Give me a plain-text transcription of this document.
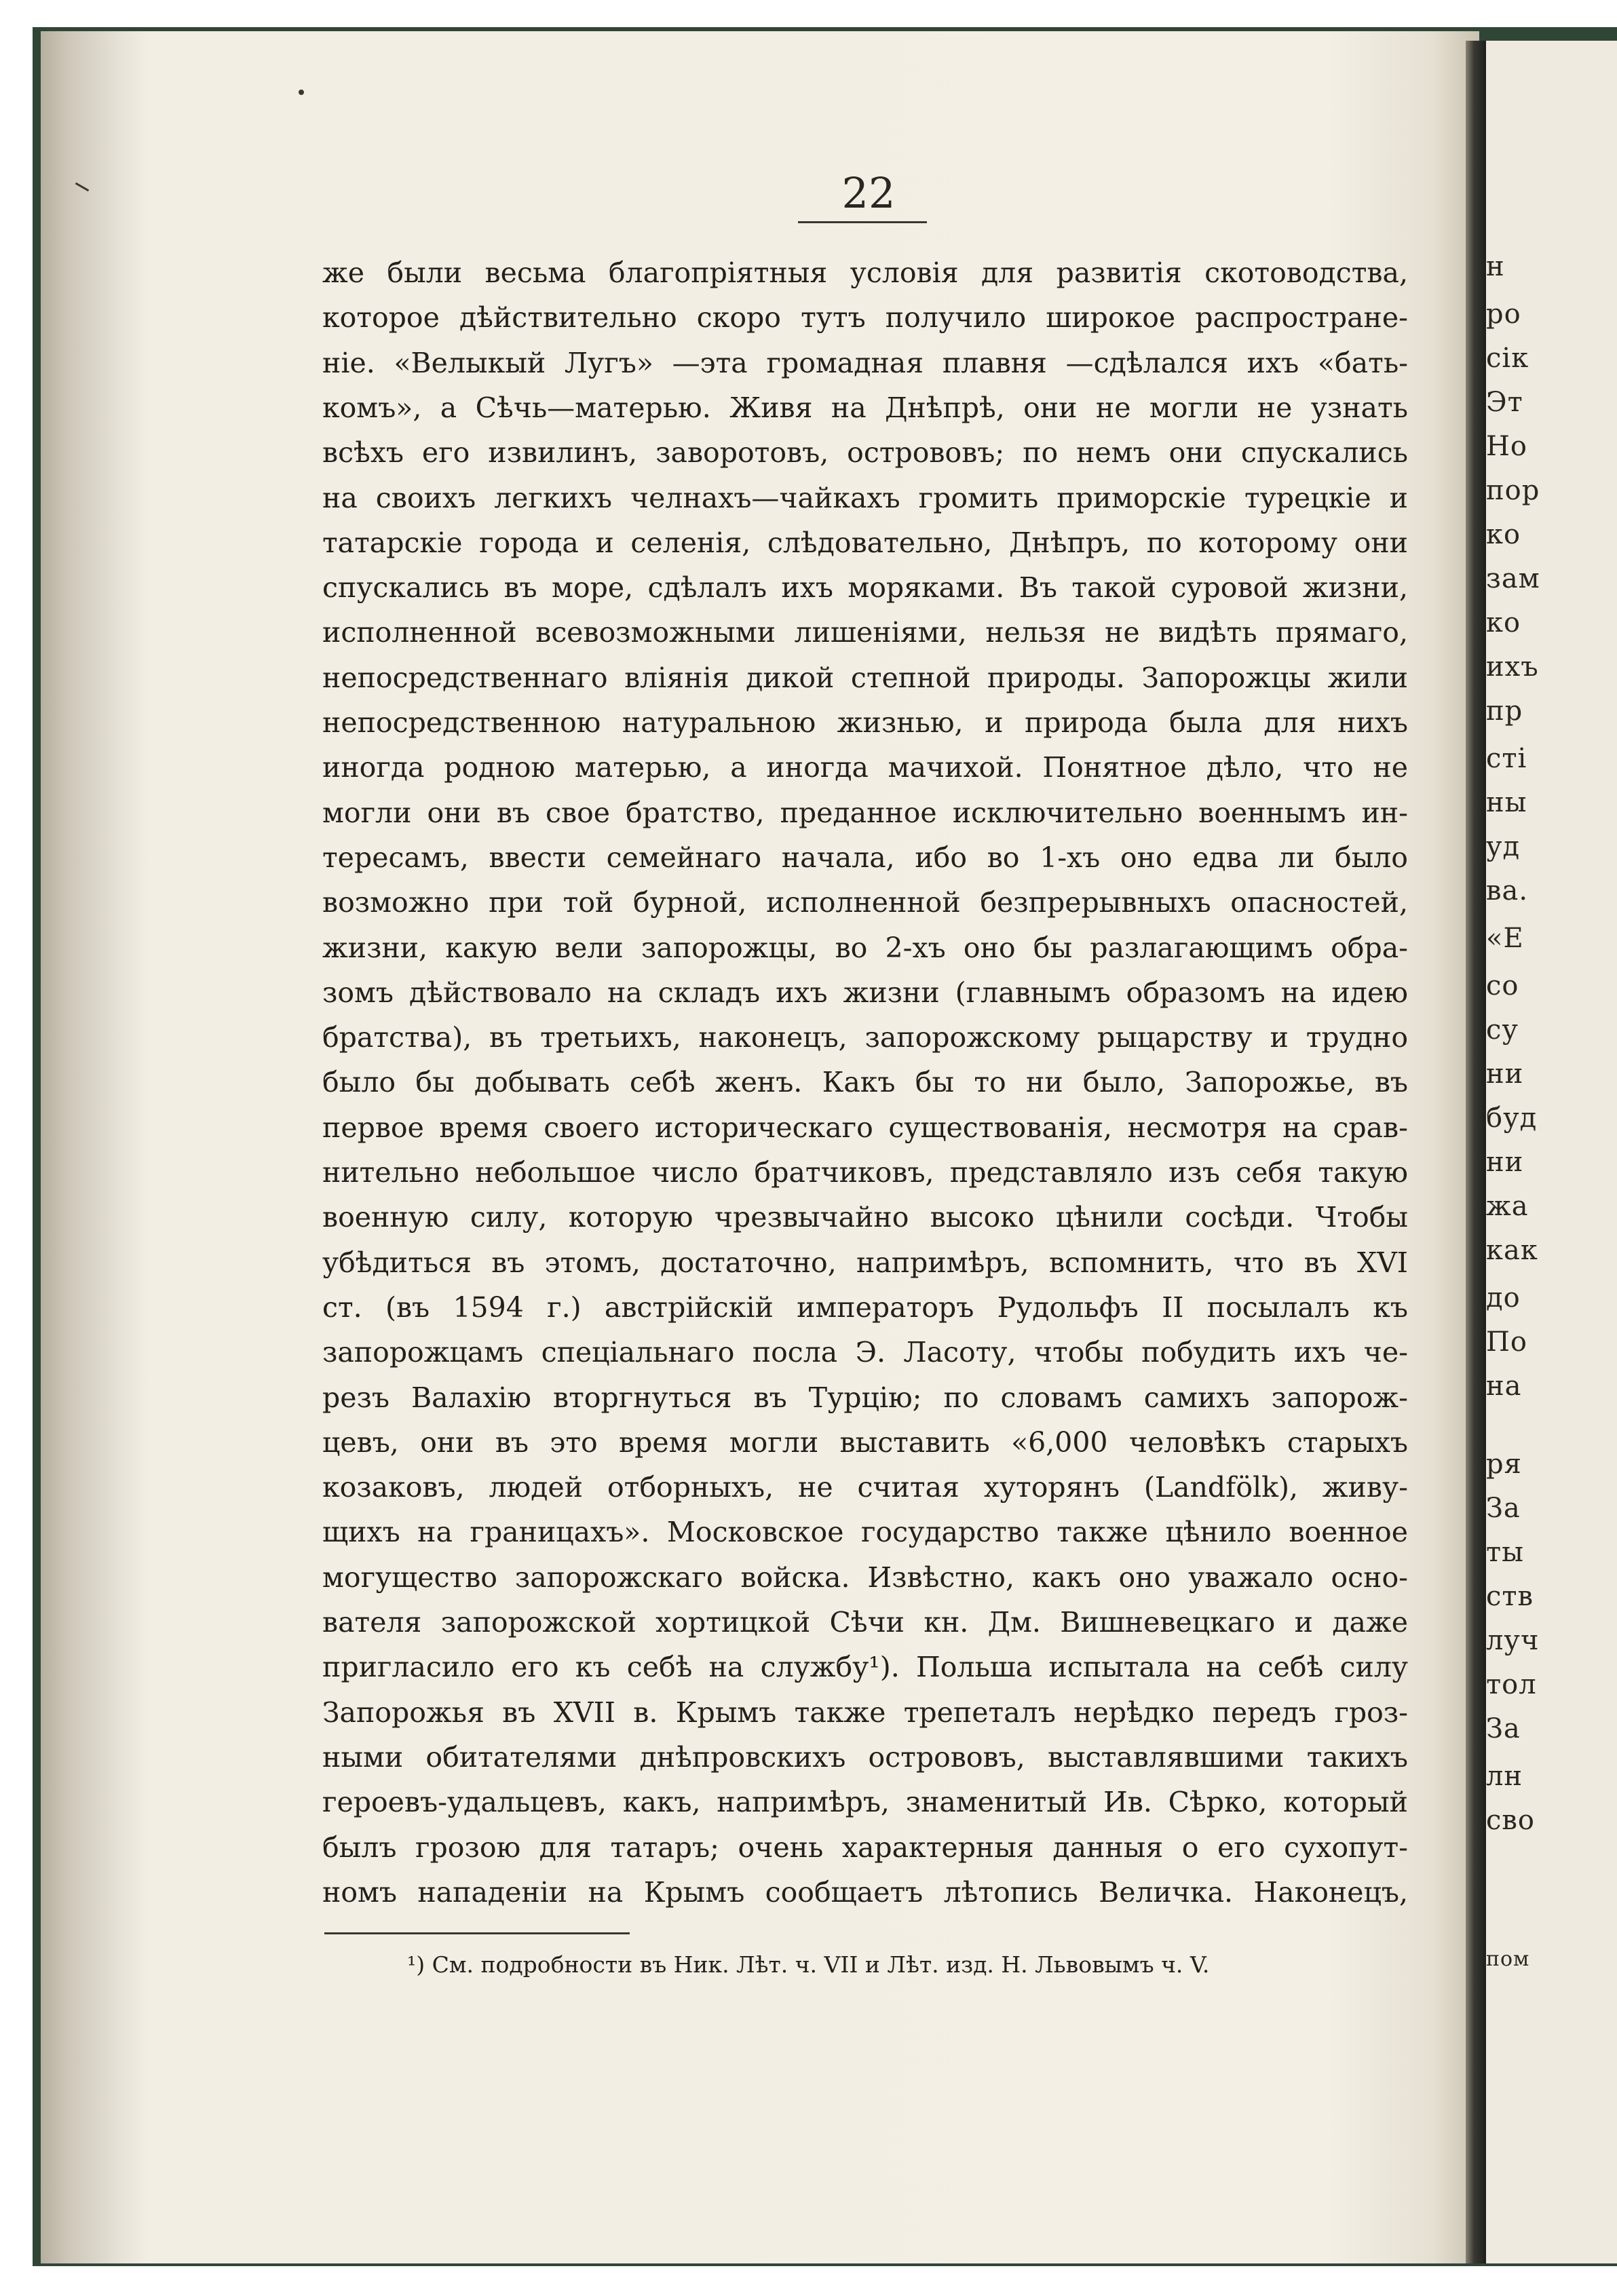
22
же были весьма благопріятныя условія для развитія скотоводства,
которое дѣйствительно скоро тутъ получило широкое распростране-
ніе. «Велыкый Лугъ» —эта громадная плавня —сдѣлался ихъ «бать-
комъ», а Сѣчь—матерью. Живя на Днѣпрѣ, они не могли не узнать
всѣхъ его извилинъ, заворотовъ, острововъ; по немъ они спускались
на своихъ легкихъ челнахъ—чайкахъ громить приморскіе турецкіе и
татарскіе города и селенія, слѣдовательно, Днѣпръ, по которому они
спускались въ море, сдѣлалъ ихъ моряками. Въ такой суровой жизни,
исполненной всевозможными лишеніями, нельзя не видѣть прямаго,
непосредственнаго вліянія дикой степной природы. Запорожцы жили
непосредственною натуральною жизнью, и природа была для нихъ
иногда родною матерью, а иногда мачихой. Понятное дѣло, что не
могли они въ свое братство, преданное исключительно военнымъ ин-
тересамъ, ввести семейнаго начала, ибо во 1-хъ оно едва ли было
возможно при той бурной, исполненной безпрерывныхъ опасностей,
жизни, какую вели запорожцы, во 2-хъ оно бы разлагающимъ обра-
зомъ дѣйствовало на складъ ихъ жизни (главнымъ образомъ на идею
братства), въ третьихъ, наконецъ, запорожскому рыцарству и трудно
было бы добывать себѣ женъ. Какъ бы то ни было, Запорожье, въ
первое время своего историческаго существованія, несмотря на срав-
нительно небольшое число братчиковъ, представляло изъ себя такую
военную силу, которую чрезвычайно высоко цѣнили сосѣди. Чтобы
убѣдиться въ этомъ, достаточно, напримѣръ, вспомнить, что въ XVI
ст. (въ 1594 г.) австрійскій императоръ Рудольфъ II посылалъ къ
запорожцамъ спеціальнаго посла Э. Ласоту, чтобы побудить ихъ че-
резъ Валахію вторгнуться въ Турцію; по словамъ самихъ запорож-
цевъ, они въ это время могли выставить «6,000 человѣкъ старыхъ
козаковъ, людей отборныхъ, не считая хуторянъ (Landfölk), живу-
щихъ на границахъ». Московское государство также цѣнило военное
могущество запорожскаго войска. Извѣстно, какъ оно уважало осно-
вателя запорожской хортицкой Сѣчи кн. Дм. Вишневецкаго и даже
пригласило его къ себѣ на службу¹). Польша испытала на себѣ силу
Запорожья въ XVII в. Крымъ также трепеталъ нерѣдко передъ гроз-
ными обитателями днѣпровскихъ острововъ, выставлявшими такихъ
героевъ-удальцевъ, какъ, напримѣръ, знаменитый Ив. Сѣрко, который
былъ грозою для татаръ; очень характерныя данныя о его сухопут-
номъ нападеніи на Крымъ сообщаетъ лѣтопись Величка. Наконецъ,
¹) См. подробности въ Ник. Лѣт. ч. VII и Лѣт. изд. Н. Львовымъ ч. V.
н
ро
сік
Эт
Но
пор
ко
зам
ко
ихъ
пр
сті
ны
уд
ва.
«Е
со
су
ни
буд
ни
жа
как
до
По
на
ря
За
ты
ств
луч
тол
За
лн
сво
пом
